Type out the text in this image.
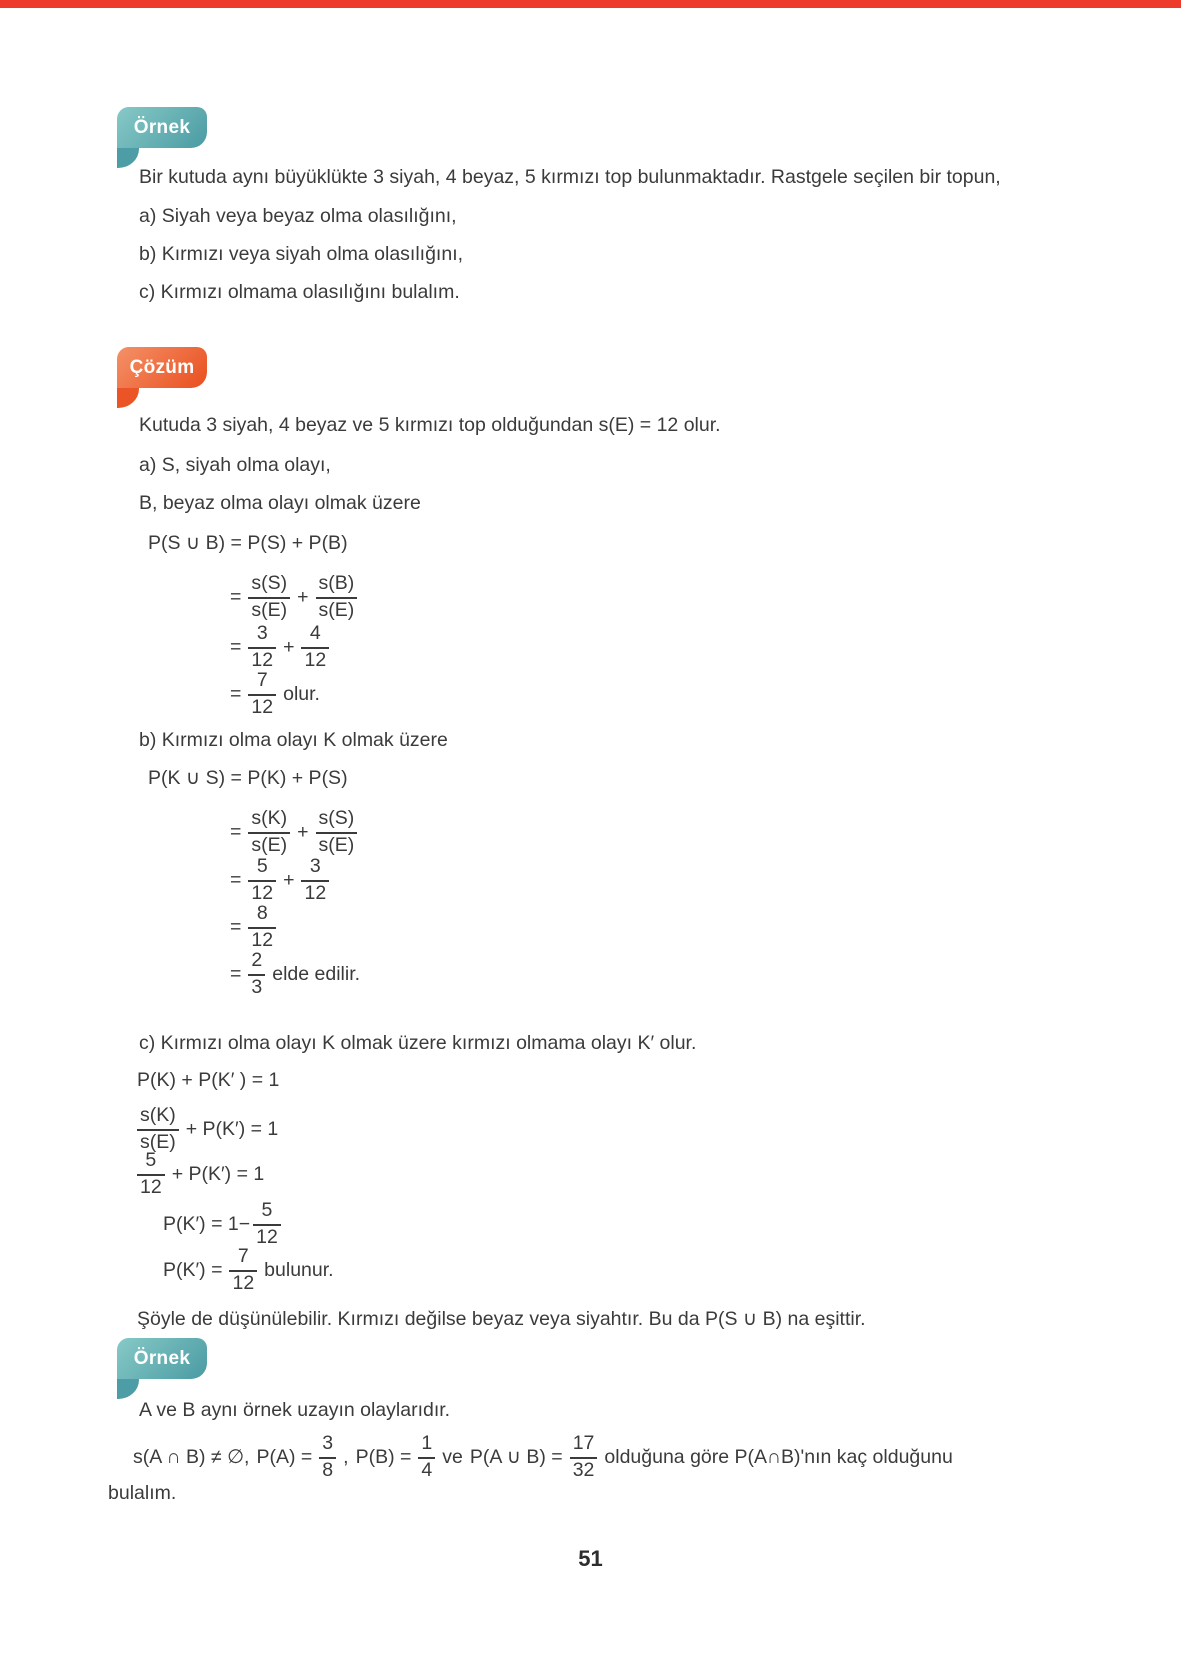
Örnek
Bir kutuda aynı büyüklükte 3 siyah, 4 beyaz, 5 kırmızı top bulunmaktadır. Rastgele seçilen bir topun,
a) Siyah veya beyaz olma olasılığını,
b) Kırmızı veya siyah olma olasılığını,
c) Kırmızı olmama olasılığını bulalım.
Çözüm
Kutuda 3 siyah, 4 beyaz ve 5 kırmızı top olduğundan s(E) = 12 olur.
a) S, siyah olma olayı,
B, beyaz olma olayı olmak üzere
P(S ∪ B) = P(S) + P(B)
= $\frac{s(S)}{s(E)} + \frac{s(B)}{s(E)}$
= $\frac{3}{12} + \frac{4}{12}$
= $\frac{7}{12}$ olur.
b) Kırmızı olma olayı K olmak üzere
P(K ∪ S) = P(K) + P(S)
= $\frac{s(K)}{s(E)} + \frac{s(S)}{s(E)}$
= $\frac{5}{12} + \frac{3}{12}$
= $\frac{8}{12}$
= $\frac{2}{3}$ elde edilir.
c) Kırmızı olma olayı K olmak üzere kırmızı olmama olayı K′ olur.
P(K) + P(K′ ) = 1
$\frac{s(K)}{s(E)} + P(K') = 1$
$\frac{5}{12} + P(K') = 1$
$P(K') = 1- \frac{5}{12}$
$P(K') = \frac{7}{12}$ bulunur.
Şöyle de düşünülebilir. Kırmızı değilse beyaz veya siyahtır. Bu da P(S ∪ B) na eşittir.
Örnek
A ve B aynı örnek uzayın olaylarıdır.
s(A ∩ B) ≠ ∅, $P(A) = \frac{3}{8}$ , $P(B) = \frac{1}{4}$ ve P(A ∪ $B) = \frac{17}{32}$ olduğuna göre P(A∩B)'nın kaç olduğunu
bulalım.
51
